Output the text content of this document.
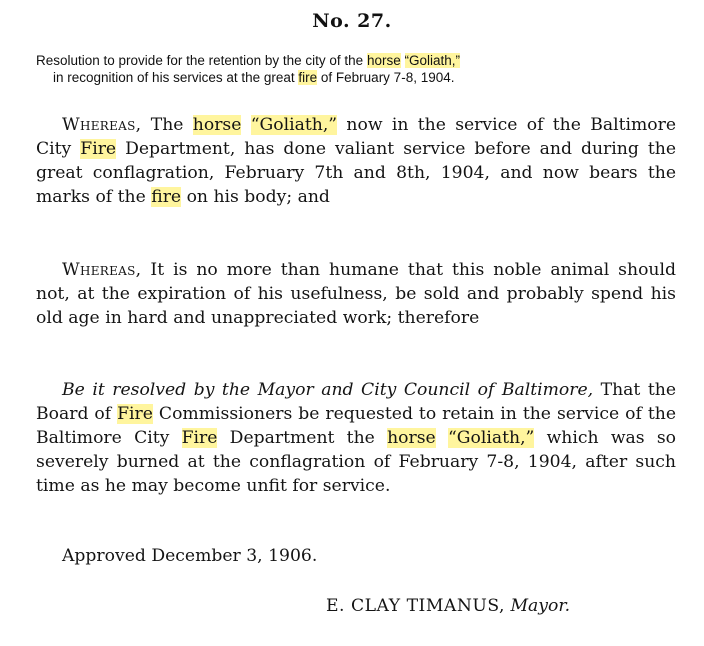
No. 27.
Resolution to provide for the retention by the city of the horse “Goliath,”
in recognition of his services at the great fire of February 7-8, 1904.
Whereas, The horse “Goliath,” now in the service of the Baltimore City Fire Department, has done valiant service before and during the great conflagration, February 7th and 8th, 1904, and now bears the marks of the fire on his body; and
Whereas, It is no more than humane that this noble animal should not, at the expiration of his usefulness, be sold and probably spend his old age in hard and unappreciated work; therefore
Be it resolved by the Mayor and City Council of Baltimore, That the Board of Fire Commissioners be requested to retain in the service of the Baltimore City Fire Department the horse “Goliath,” which was so severely burned at the conflagration of February 7-8, 1904, after such time as he may become unfit for service.
Approved December 3, 1906.
E. CLAY TIMANUS, Mayor.
